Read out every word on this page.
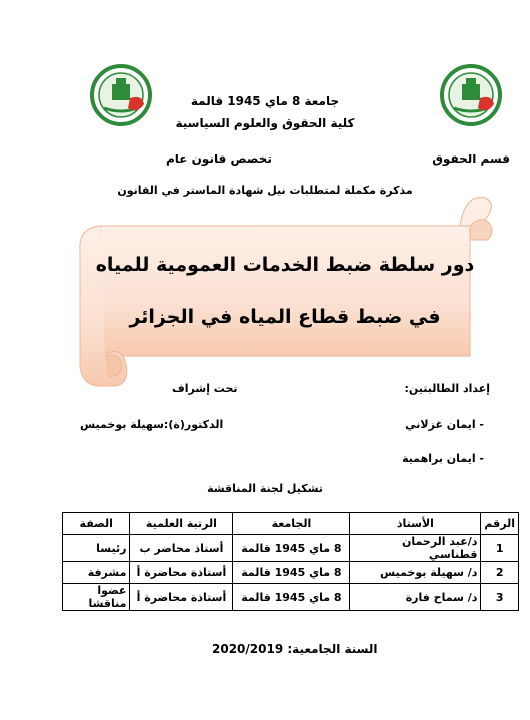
جامعة 8 ماي 1945 قالمة
كلية الحقوق والعلوم السياسية
قسم الحقوق
تخصص قانون عام
مذكرة مكملة لمتطلبات نيل شهادة الماستر في القانون
دور سلطة ضبط الخدمات العمومية للمياه
في ضبط قطاع المياه في الجزائر
إعداد الطالبتين:
تحت إشراف
- ايمان غزلاني
الدكتور(ة):سهيلة بوخميس
- ايمان براهمية
تشكيل لجنة المناقشة
الرقم	الأستاذ	الجامعة	الرتبة العلمية	الصفة
1	د/عبد الرحمان قطناسي	8 ماي 1945 قالمة	أستاذ محاضر ب	رئيسا
2	د/ سهيلة بوخميس	8 ماي 1945 قالمة	أستاذة محاضرة أ	مشرفة
3	د/ سماح فارة	8 ماي 1945 قالمة	أستاذة محاضرة أ	عضوا مناقشا
السنة الجامعية: 2020/2019
